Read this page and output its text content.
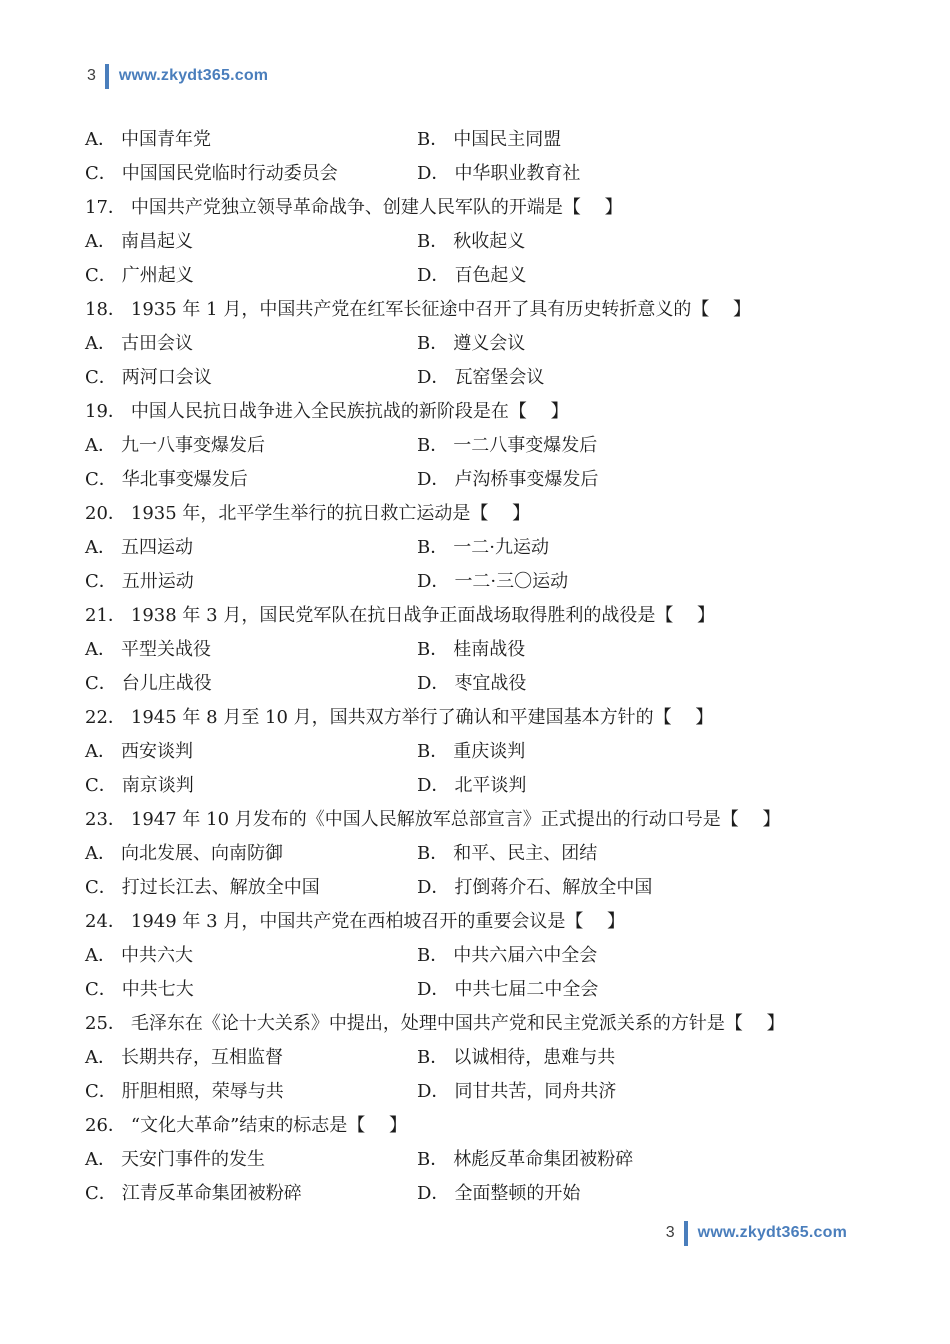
3 www.zkydt365.com
A． 中国青年党	B． 中国民主同盟
C． 中国国民党临时行动委员会	D． 中华职业教育社
17． 中国共产党独立领导革命战争、创建人民军队的开端是【　 】
A． 南昌起义	B． 秋收起义
C． 广州起义	D． 百色起义
18． 1935 年 1 月，中国共产党在红军长征途中召开了具有历史转折意义的【　 】
A． 古田会议	B． 遵义会议
C． 两河口会议	D． 瓦窑堡会议
19． 中国人民抗日战争进入全民族抗战的新阶段是在【　 】
A． 九一八事变爆发后	B． 一二八事变爆发后
C． 华北事变爆发后	D． 卢沟桥事变爆发后
20． 1935 年，北平学生举行的抗日救亡运动是【　 】
A． 五四运动	B． 一二·九运动
C． 五卅运动	D． 一二·三〇运动
21． 1938 年 3 月，国民党军队在抗日战争正面战场取得胜利的战役是【　 】
A． 平型关战役	B． 桂南战役
C． 台儿庄战役	D． 枣宜战役
22． 1945 年 8 月至 10 月，国共双方举行了确认和平建国基本方针的【　 】
A． 西安谈判	B． 重庆谈判
C． 南京谈判	D． 北平谈判
23． 1947 年 10 月发布的《中国人民解放军总部宣言》正式提出的行动口号是【　 】
A． 向北发展、向南防御	B． 和平、民主、团结
C． 打过长江去、解放全中国	D． 打倒蒋介石、解放全中国
24． 1949 年 3 月，中国共产党在西柏坡召开的重要会议是【　 】
A． 中共六大	B． 中共六届六中全会
C． 中共七大	D． 中共七届二中全会
25． 毛泽东在《论十大关系》中提出，处理中国共产党和民主党派关系的方针是【　 】
A． 长期共存，互相监督	B． 以诚相待，患难与共
C． 肝胆相照，荣辱与共	D． 同甘共苦，同舟共济
26． “文化大革命”结束的标志是【　 】
A． 天安门事件的发生	B． 林彪反革命集团被粉碎
C． 江青反革命集团被粉碎	D． 全面整顿的开始
3 www.zkydt365.com
